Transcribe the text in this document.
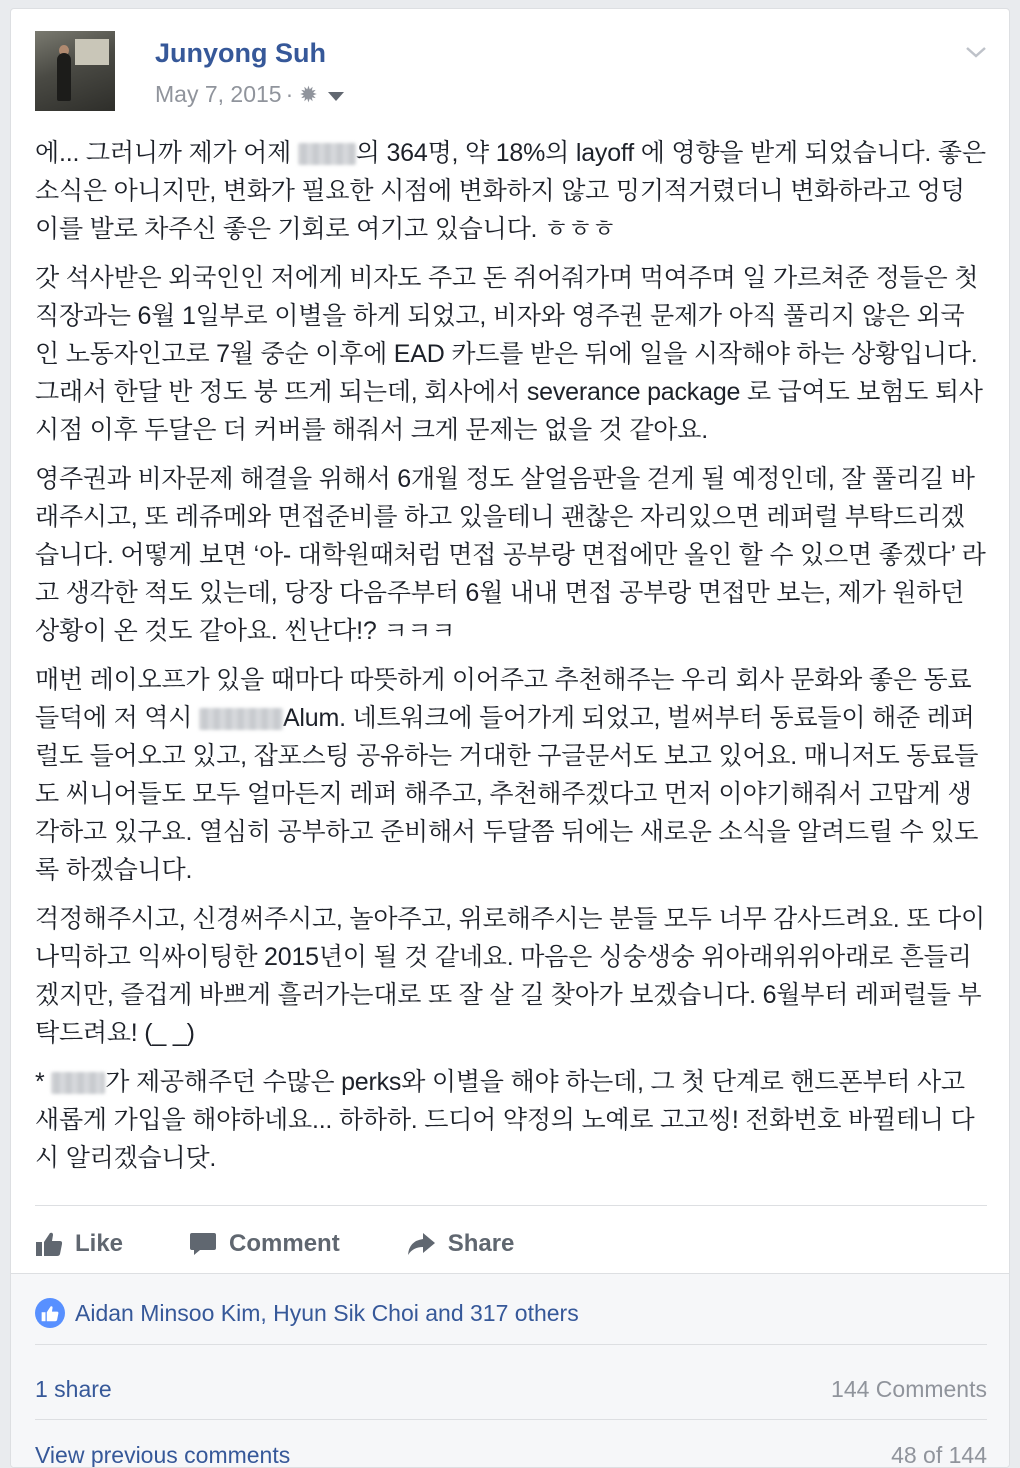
Junyong Suh
May 7, 2015 · ✹

에... 그러니까 제가 어제 의 364명, 약 18%의 layoff 에 영향을 받게 되었습니다. 좋은 소식은 아니지만, 변화가 필요한 시점에 변화하지 않고 밍기적거렸더니 변화하라고 엉덩이를 발로 차주신 좋은 기회로 여기고 있습니다. ㅎㅎㅎ

갓 석사받은 외국인인 저에게 비자도 주고 돈 쥐어줘가며 먹여주며 일 가르쳐준 정들은 첫 직장과는 6월 1일부로 이별을 하게 되었고, 비자와 영주권 문제가 아직 풀리지 않은 외국인 노동자인고로 7월 중순 이후에 EAD 카드를 받은 뒤에 일을 시작해야 하는 상황입니다. 그래서 한달 반 정도 붕 뜨게 되는데, 회사에서 severance package 로 급여도 보험도 퇴사 시점 이후 두달은 더 커버를 해줘서 크게 문제는 없을 것 같아요.

영주권과 비자문제 해결을 위해서 6개월 정도 살얼음판을 걷게 될 예정인데, 잘 풀리길 바래주시고, 또 레쥬메와 면접준비를 하고 있을테니 괜찮은 자리있으면 레퍼럴 부탁드리겠습니다. 어떻게 보면 ‘아- 대학원때처럼 면접 공부랑 면접에만 올인 할 수 있으면 좋겠다’ 라고 생각한 적도 있는데, 당장 다음주부터 6월 내내 면접 공부랑 면접만 보는, 제가 원하던 상황이 온 것도 같아요. 씬난다!? ㅋㅋㅋ

매번 레이오프가 있을 때마다 따뜻하게 이어주고 추천해주는 우리 회사 문화와 좋은 동료들덕에 저 역시	Alum. 네트워크에 들어가게 되었고, 벌써부터 동료들이 해준 레퍼럴도 들어오고 있고, 잡포스팅 공유하는 거대한 구글문서도 보고 있어요. 매니저도 동료들도 씨니어들도 모두 얼마든지 레퍼 해주고, 추천해주겠다고 먼저 이야기해줘서 고맙게 생각하고 있구요. 열심히 공부하고 준비해서 두달쯤 뒤에는 새로운 소식을 알려드릴 수 있도록 하겠습니다.

걱정해주시고, 신경써주시고, 놀아주고, 위로해주시는 분들 모두 너무 감사드려요. 또 다이나믹하고 익싸이팅한 2015년이 될 것 같네요. 마음은 싱숭생숭 위아래위위아래로 흔들리겠지만, 즐겁게 바쁘게 흘러가는대로 또 잘 살 길 찾아가 보겠습니다. 6월부터 레퍼럴들 부탁드려요! (_ _)

* 가 제공해주던 수많은 perks와 이별을 해야 하는데, 그 첫 단계로 핸드폰부터 사고 새롭게 가입을 해야하네요... 하하하. 드디어 약정의 노예로 고고씽! 전화번호 바뀔테니 다시 알리겠습니닷.

Like	Comment	Share
Aidan Minsoo Kim, Hyun Sik Choi and 317 others
1 share	144 Comments
View previous comments	48 of 144
